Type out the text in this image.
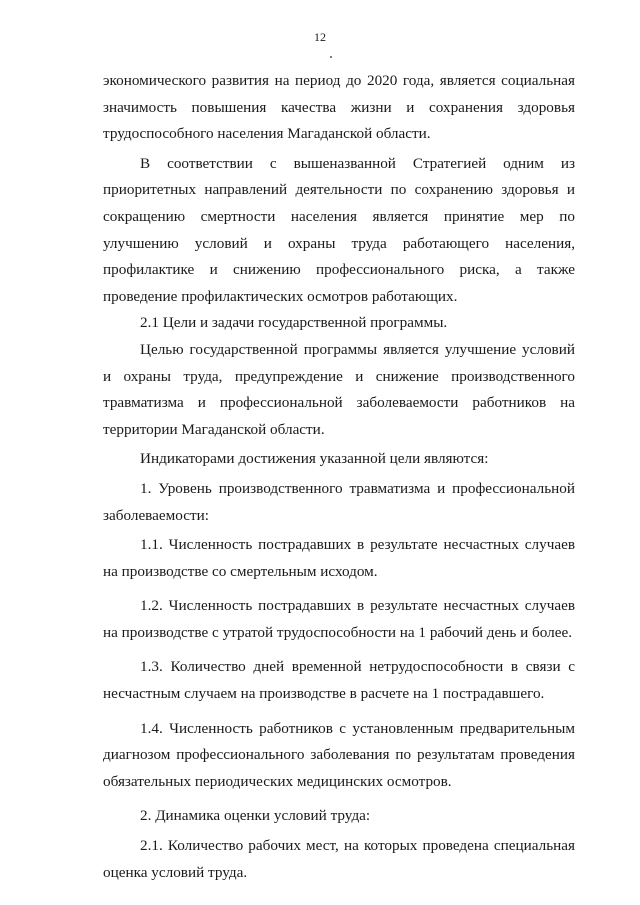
12

экономического развития на период до 2020 года, является социальная значимость повышения качества жизни и сохранения здоровья трудоспособного населения Магаданской области.

В соответствии с вышеназванной Стратегией одним из приоритетных направлений деятельности по сохранению здоровья и сокращению смертности населения является принятие мер по улучшению условий и охраны труда работающего населения, профилактике и снижению профессионального риска, а также проведение профилактических осмотров работающих.

2.1 Цели и задачи государственной программы.

Целью государственной программы является улучшение условий и охраны труда, предупреждение и снижение производственного травматизма и профессиональной заболеваемости работников на территории Магаданской области.

Индикаторами достижения указанной цели являются:

1. Уровень производственного травматизма и профессиональной заболеваемости:

1.1. Численность пострадавших в результате несчастных случаев на производстве со смертельным исходом.

1.2. Численность пострадавших в результате несчастных случаев на производстве с утратой трудоспособности на 1 рабочий день и более.

1.3. Количество дней временной нетрудоспособности в связи с несчастным случаем на производстве в расчете на 1 пострадавшего.

1.4. Численность работников с установленным предварительным диагнозом профессионального заболевания по результатам проведения обязательных периодических медицинских осмотров.

2. Динамика оценки условий труда:

2.1. Количество рабочих мест, на которых проведена специальная оценка условий труда.
